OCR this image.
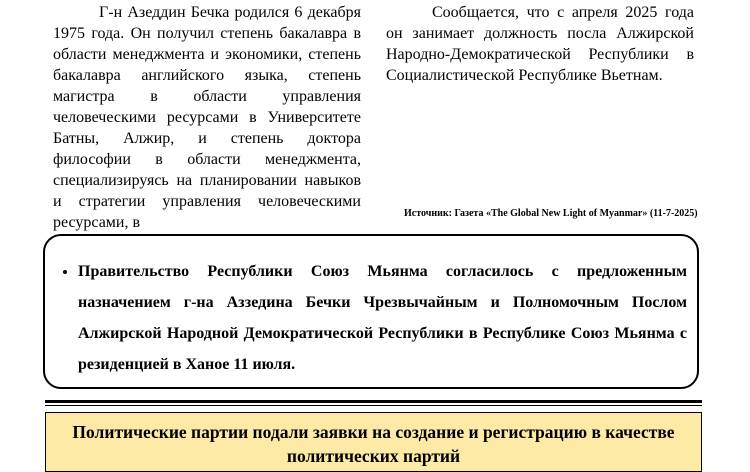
Г-н Азеддин Бечка родился 6 декабря 1975 года. Он получил степень бакалавра в области менеджмента и экономики, степень бакалавра английского языка, степень магистра в области управления человеческими ресурсами в Университете Батны, Алжир, и степень доктора философии в области менеджмента, специализируясь на планировании навыков и стратегии управления человеческими ресурсами, в

Сообщается, что с апреля 2025 года он занимает должность посла Алжирской Народно-Демократической Республики в Социалистической Республике Вьетнам.

Источник: Газета «The Global New Light of Myanmar» (11-7-2025)
• Правительство Республики Союз Мьянма согласилось с предложенным назначением г-на Аззедина Бечки Чрезвычайным и Полномочным Послом Алжирской Народной Демократической Республики в Республике Союз Мьянма с резиденцией в Ханое 11 июля.
Политические партии подали заявки на создание и регистрацию в качестве политических партий
